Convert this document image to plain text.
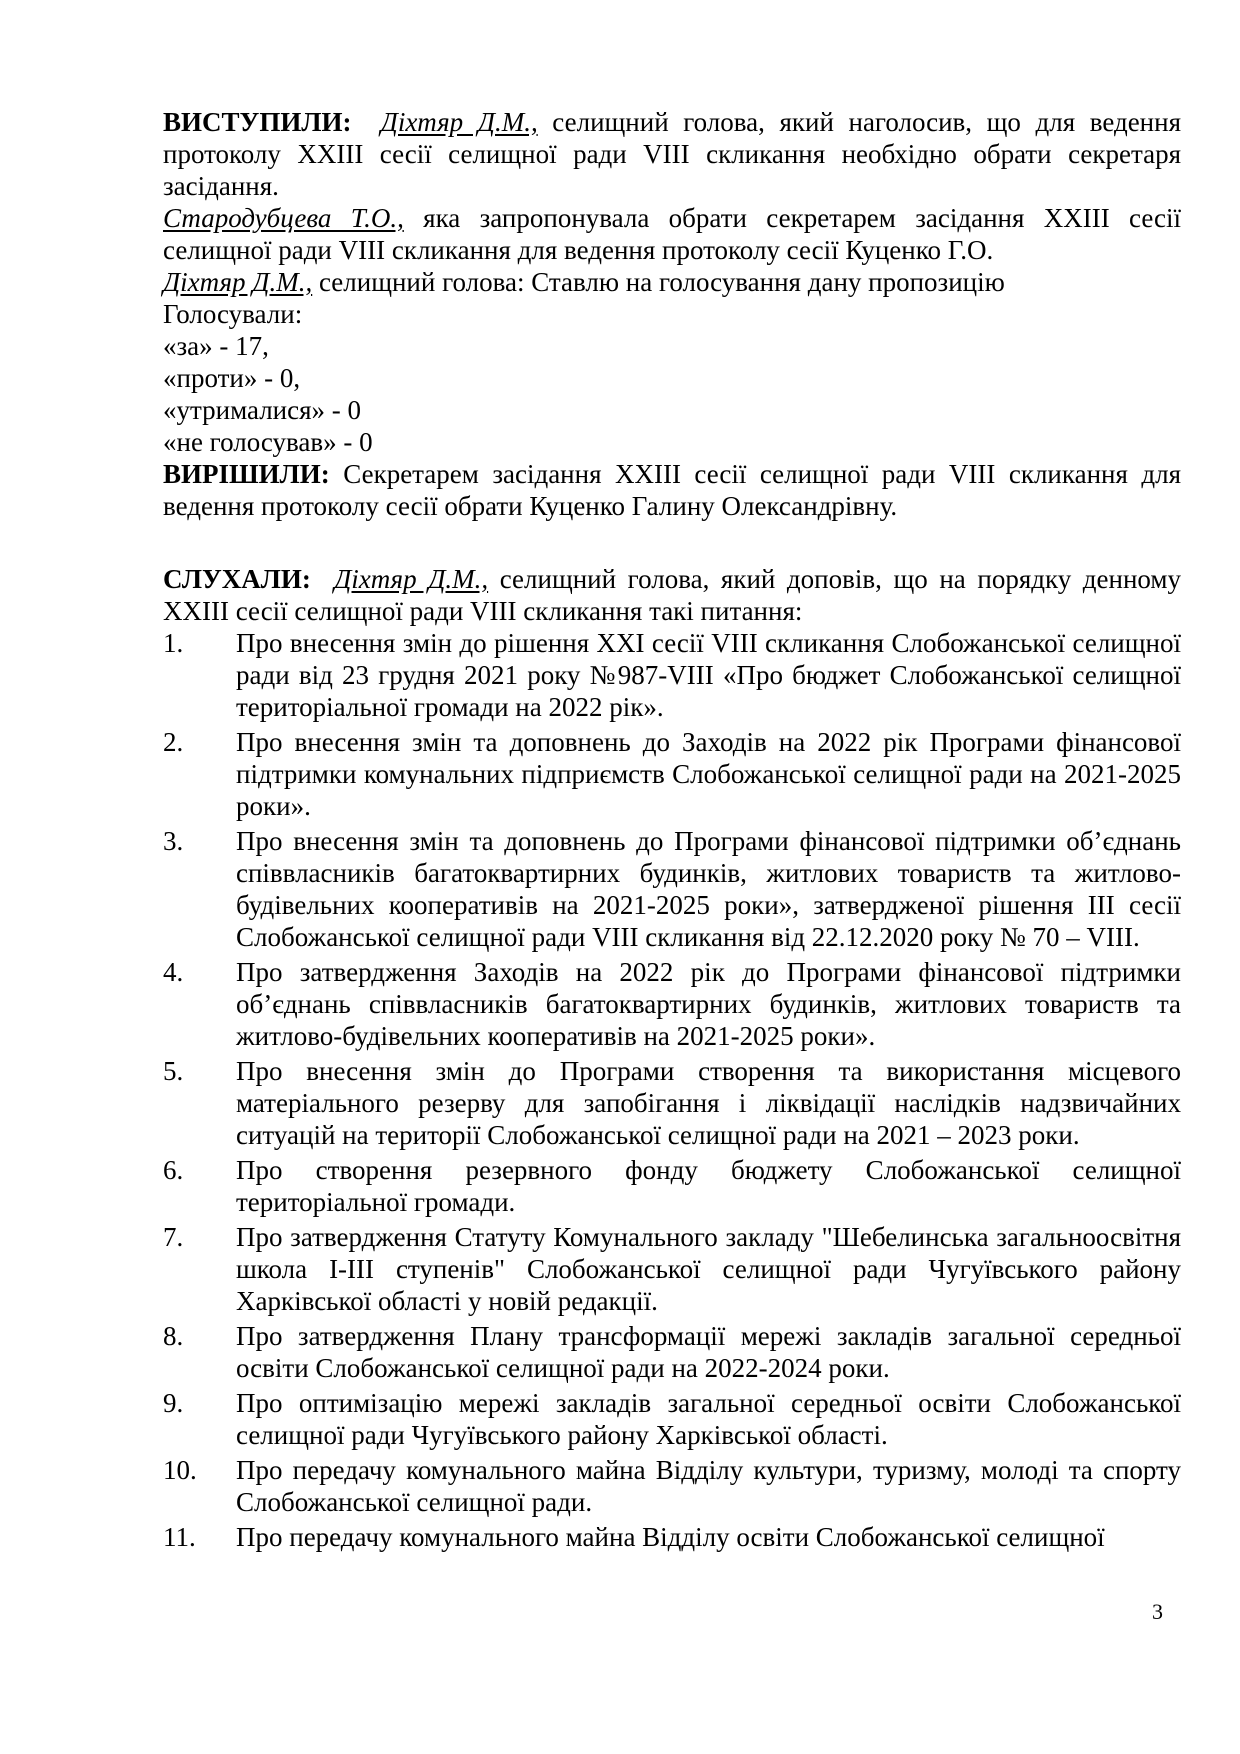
ВИСТУПИЛИ: Діхтяр Д.М., селищний голова, який наголосив, що для ведення протоколу XXIII сесії селищної ради VIII скликання необхідно обрати секретаря засідання.
Стародубцева Т.О., яка запропонувала обрати секретарем засідання XXIII сесії селищної ради VIII скликання для ведення протоколу сесії Куценко Г.О.
Діхтяр Д.М., селищний голова: Ставлю на голосування дану пропозицію
Голосували:
«за» - 17,
«проти» - 0,
«утрималися» - 0
«не голосував» - 0
ВИРІШИЛИ: Секретарем засідання XXIII сесії селищної ради VIII скликання для ведення протоколу сесії обрати Куценко Галину Олександрівну.
СЛУХАЛИ: Діхтяр Д.М., селищний голова, який доповів, що на порядку денному XXIII сесії селищної ради VIII скликання такі питання:
1.	Про внесення змін до рішення XXI сесії VIII скликання Слобожанської селищної ради від 23 грудня 2021 року №987-VIII «Про бюджет Слобожанської селищної територіальної громади на 2022 рік».
2.	Про внесення змін та доповнень до Заходів на 2022 рік Програми фінансової підтримки комунальних підприємств Слобожанської селищної ради на 2021-2025 роки».
3.	Про внесення змін та доповнень до Програми фінансової підтримки об’єднань співвласників багатоквартирних будинків, житлових товариств та житлово-будівельних кооперативів на 2021-2025 роки», затвердженої рішення III сесії Слобожанської селищної ради VIII скликання від 22.12.2020 року № 70 – VIII.
4.	Про затвердження Заходів на 2022 рік до Програми фінансової підтримки об’єднань співвласників багатоквартирних будинків, житлових товариств та житлово-будівельних кооперативів на 2021-2025 роки».
5.	Про внесення змін до Програми створення та використання місцевого матеріального резерву для запобігання і ліквідації наслідків надзвичайних ситуацій на території Слобожанської селищної ради на 2021 – 2023 роки.
6.	Про створення резервного фонду бюджету Слобожанської селищної територіальної громади.
7.	Про затвердження Статуту Комунального закладу "Шебелинська загальноосвітня школа І-ІІІ ступенів" Слобожанської селищної ради Чугуївського району Харківської області у новій редакції.
8.	Про затвердження Плану трансформації мережі закладів загальної середньої освіти Слобожанської селищної ради на 2022-2024 роки.
9.	Про оптимізацію мережі закладів загальної середньої освіти Слобожанської селищної ради Чугуївського району Харківської області.
10.	Про передачу комунального майна Відділу культури, туризму, молоді та спорту Слобожанської селищної ради.
11.	Про передачу комунального майна Відділу освіти Слобожанської селищної
3
